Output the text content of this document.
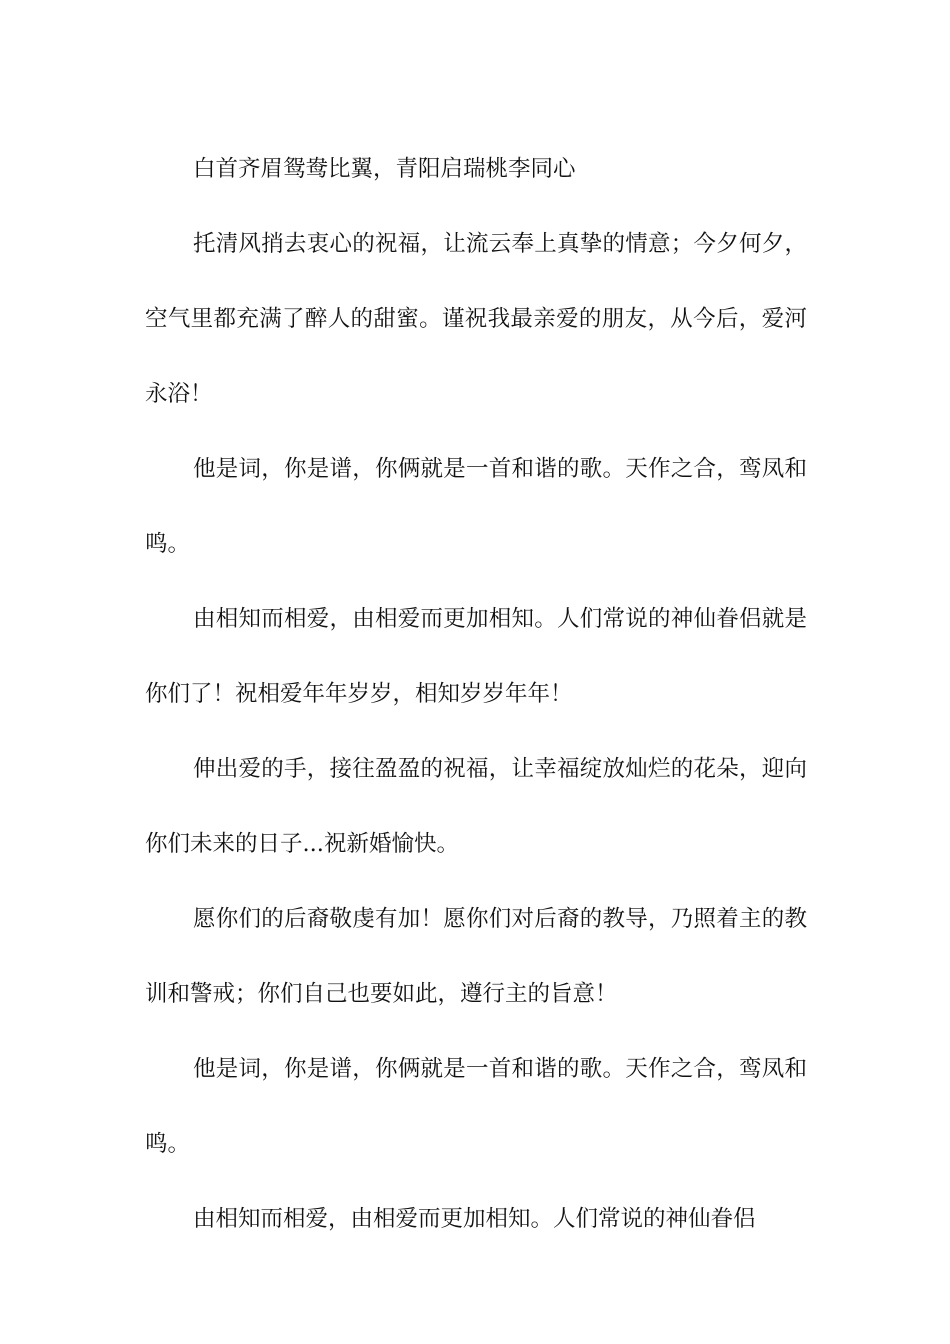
白首齐眉鸳鸯比翼，青阳启瑞桃李同心

托清风捎去衷心的祝福，让流云奉上真挚的情意；今夕何夕，空气里都充满了醉人的甜蜜。谨祝我最亲爱的朋友，从今后，爱河永浴！

他是词，你是谱，你俩就是一首和谐的歌。天作之合，鸾凤和鸣。

由相知而相爱，由相爱而更加相知。人们常说的神仙眷侣就是你们了！祝相爱年年岁岁，相知岁岁年年！

伸出爱的手，接往盈盈的祝福，让幸福绽放灿烂的花朵，迎向你们未来的日子...祝新婚愉快。

愿你们的后裔敬虔有加！愿你们对后裔的教导，乃照着主的教训和警戒；你们自己也要如此，遵行主的旨意！

他是词，你是谱，你俩就是一首和谐的歌。天作之合，鸾凤和鸣。

由相知而相爱，由相爱而更加相知。人们常说的神仙眷侣
